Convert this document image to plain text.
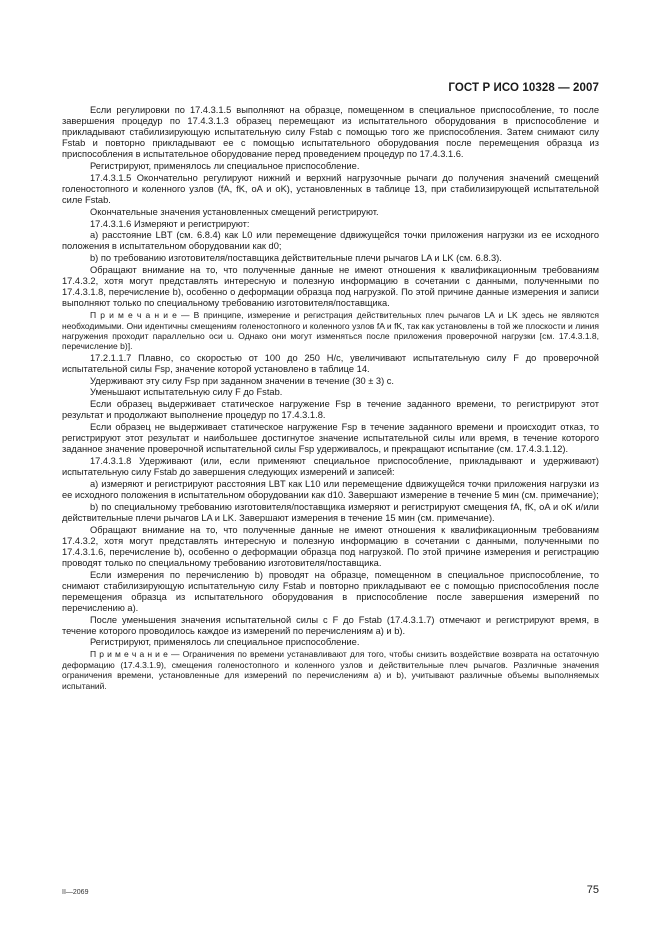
ГОСТ Р ИСО 10328 — 2007

Если регулировки по 17.4.3.1.5 выполняют на образце, помещенном в специальное приспособление, то после завершения процедур по 17.4.3.1.3 образец перемещают из испытательного оборудования в приспособление и прикладывают стабилизирующую испытательную силу Fstab с помощью того же приспособления. Затем снимают силу Fstab и повторно прикладывают ее с помощью испытательного оборудования после перемещения образца из приспособления в испытательное оборудование перед проведением процедур по 17.4.3.1.6.

Регистрируют, применялось ли специальное приспособление.

17.4.3.1.5 Окончательно регулируют нижний и верхний нагрузочные рычаги до получения значений смещений голеностопного и коленного узлов (fA, fK, oA и oK), установленных в таблице 13, при стабилизирующей испытательной силе Fstab.

Окончательные значения установленных смещений регистрируют.

17.4.3.1.6 Измеряют и регистрируют:

a) расстояние LBT (см. 6.8.4) как L0 или перемещение dдвижущейся точки приложения нагрузки из ее исходного положения в испытательном оборудовании как d0;

b) по требованию изготовителя/поставщика действительные плечи рычагов LA и LK (см. 6.8.3).

Обращают внимание на то, что полученные данные не имеют отношения к квалификационным требованиям 17.4.3.2, хотя могут представлять интересную и полезную информацию в сочетании с данными, полученными по 17.4.3.1.8, перечисление b), особенно о деформации образца под нагрузкой. По этой причине данные измерения и записи выполняют только по специальному требованию изготовителя/поставщика.

П р и м е ч а н и е — В принципе, измерение и регистрация действительных плеч рычагов LA и LK здесь не являются необходимыми. Они идентичны смещениям голеностопного и коленного узлов fA и fK, так как установлены в той же плоскости и линия нагружения проходит параллельно оси u. Однако они могут изменяться после приложения проверочной нагрузки [см. 17.4.3.1.8, перечисление b)].

17.2.1.1.7 Плавно, со скоростью от 100 до 250 Н/с, увеличивают испытательную силу F до проверочной испытательной силы Fsp, значение которой установлено в таблице 14.

Удерживают эту силу Fsp при заданном значении в течение (30 ± 3) с.

Уменьшают испытательную силу F до Fstab.

Если образец выдерживает статическое нагружение Fsp в течение заданного времени, то регистрируют этот результат и продолжают выполнение процедур по 17.4.3.1.8.

Если образец не выдерживает статическое нагружение Fsp в течение заданного времени и происходит отказ, то регистрируют этот результат и наибольшее достигнутое значение испытательной силы или время, в течение которого заданное значение проверочной испытательной силы Fsp удерживалось, и прекращают испытание (см. 17.4.3.1.12).

17.4.3.1.8 Удерживают (или, если применяют специальное приспособление, прикладывают и удерживают) испытательную силу Fstab до завершения следующих измерений и записей:

a) измеряют и регистрируют расстояния LBT как L10 или перемещение dдвижущейся точки приложения нагрузки из ее исходного положения в испытательном оборудовании как d10. Завершают измерение в течение 5 мин (см. примечание);

b) по специальному требованию изготовителя/поставщика измеряют и регистрируют смещения fA, fK, oA и oK и/или действительные плечи рычагов LA и LK. Завершают измерения в течение 15 мин (см. примечание).

Обращают внимание на то, что полученные данные не имеют отношения к квалификационным требованиям 17.4.3.2, хотя могут представлять интересную и полезную информацию в сочетании с данными, полученными по 17.4.3.1.6, перечисление b), особенно о деформации образца под нагрузкой. По этой причине измерения и регистрацию проводят только по специальному требованию изготовителя/поставщика.

Если измерения по перечислению b) проводят на образце, помещенном в специальное приспособление, то снимают стабилизирующую испытательную силу Fstab и повторно прикладывают ее с помощью приспособления после перемещения образца из испытательного оборудования в приспособление после завершения измерений по перечислению а).

После уменьшения значения испытательной силы с F до Fstab (17.4.3.1.7) отмечают и регистрируют время, в течение которого проводилось каждое из измерений по перечислениям а) и b).

Регистрируют, применялось ли специальное приспособление.

П р и м е ч а н и е — Ограничения по времени устанавливают для того, чтобы снизить воздействие возврата на остаточную деформацию (17.4.3.1.9), смещения голеностопного и коленного узлов и действительные плеч рычагов. Различные значения ограничения времени, установленные для измерений по перечислениям а) и b), учитывают различные объемы выполняемых испытаний.

II—2069	75
